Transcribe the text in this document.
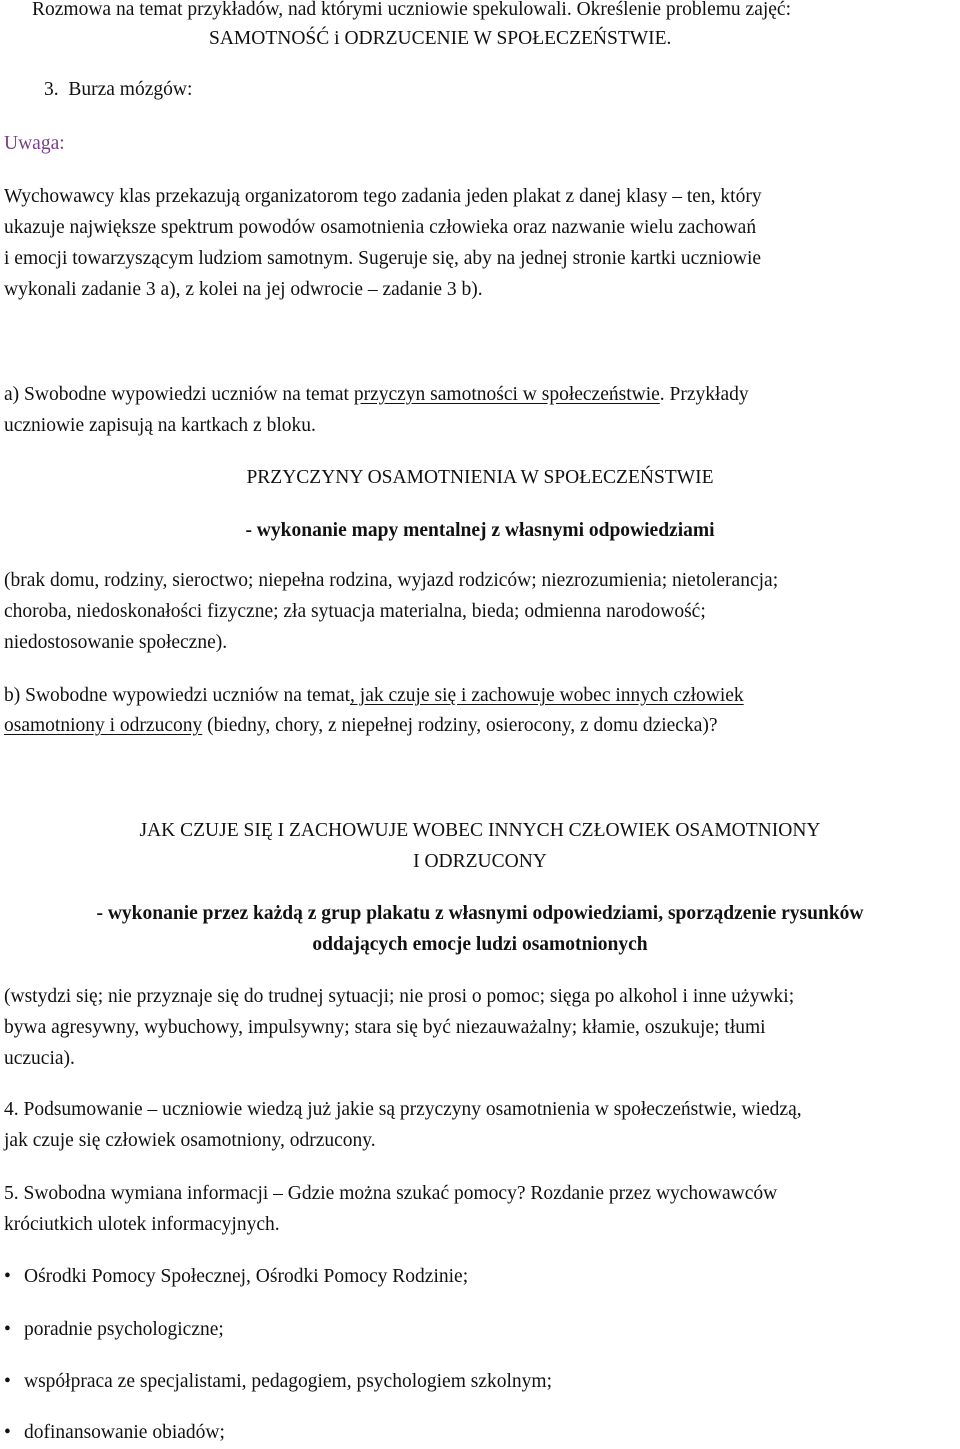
Rozmowa na temat przykładów, nad którymi uczniowie spekulowali. Określenie problemu zajęć:
SAMOTNOŚĆ i ODRZUCENIE W SPOŁECZEŃSTWIE.
3. Burza mózgów:
Uwaga:
Wychowawcy klas przekazują organizatorom tego zadania jeden plakat z danej klasy – ten, który
ukazuje największe spektrum powodów osamotnienia człowieka oraz nazwanie wielu zachowań
i emocji towarzyszącym ludziom samotnym. Sugeruje się, aby na jednej stronie kartki uczniowie
wykonali zadanie 3 a), z kolei na jej odwrocie – zadanie 3 b).
a) Swobodne wypowiedzi uczniów na temat przyczyn samotności w społeczeństwie. Przykłady
uczniowie zapisują na kartkach z bloku.
PRZYCZYNY OSAMOTNIENIA W SPOŁECZEŃSTWIE
- wykonanie mapy mentalnej z własnymi odpowiedziami
(brak domu, rodziny, sieroctwo; niepełna rodzina, wyjazd rodziców; niezrozumienia; nietolerancja;
choroba, niedoskonałości fizyczne; zła sytuacja materialna, bieda; odmienna narodowość;
niedostosowanie społeczne).
b) Swobodne wypowiedzi uczniów na temat, jak czuje się i zachowuje wobec innych człowiek
osamotniony i odrzucony (biedny, chory, z niepełnej rodziny, osierocony, z domu dziecka)?
JAK CZUJE SIĘ I ZACHOWUJE WOBEC INNYCH CZŁOWIEK OSAMOTNIONY
I ODRZUCONY
- wykonanie przez każdą z grup plakatu z własnymi odpowiedziami, sporządzenie rysunków
oddających emocje ludzi osamotnionych
(wstydzi się; nie przyznaje się do trudnej sytuacji; nie prosi o pomoc; sięga po alkohol i inne używki;
bywa agresywny, wybuchowy, impulsywny; stara się być niezauważalny; kłamie, oszukuje; tłumi
uczucia).
4. Podsumowanie – uczniowie wiedzą już jakie są przyczyny osamotnienia w społeczeństwie, wiedzą,
jak czuje się człowiek osamotniony, odrzucony.
5. Swobodna wymiana informacji – Gdzie można szukać pomocy? Rozdanie przez wychowawców
króciutkich ulotek informacyjnych.
• Ośrodki Pomocy Społecznej, Ośrodki Pomocy Rodzinie;
• poradnie psychologiczne;
• współpraca ze specjalistami, pedagogiem, psychologiem szkolnym;
• dofinansowanie obiadów;
